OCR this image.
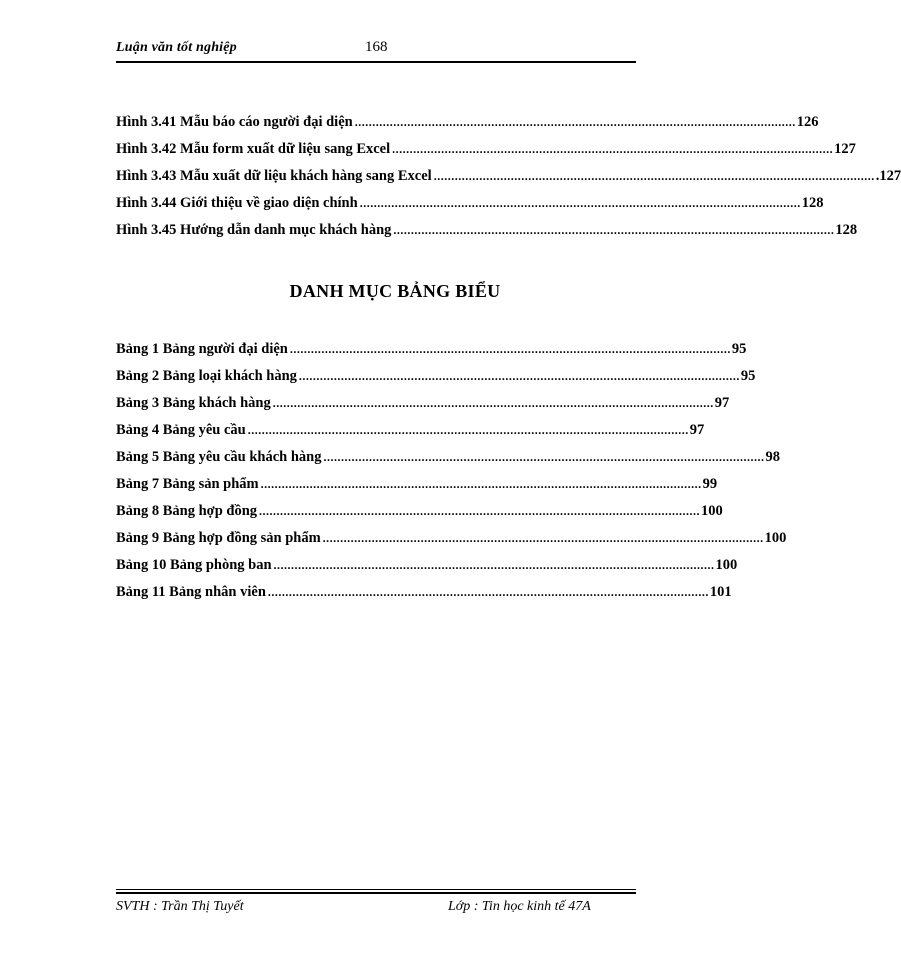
Luận văn tốt nghiệp	168
Hình 3.41 Mẫu báo cáo người đại diện .............................................................................................................................. 126
Hình 3.42 Mẫu form xuất dữ liệu sang Excel .............................................................................................................................. 127
Hình 3.43 Mẫu xuất dữ liệu khách hàng sang Excel .............................................................................................................................. .127
Hình 3.44 Giới thiệu về giao diện chính .............................................................................................................................. 128
Hình 3.45 Hướng dẫn danh mục khách hàng .............................................................................................................................. 128
DANH MỤC BẢNG BIỂU
Bảng 1 Bảng người đại diện .............................................................................................................................. 95
Bảng 2 Bảng loại khách hàng .............................................................................................................................. 95
Bảng 3 Bảng khách hàng .............................................................................................................................. 97
Bảng 4 Bảng yêu cầu .............................................................................................................................. 97
Bảng 5 Bảng yêu cầu khách hàng .............................................................................................................................. 98
Bảng 7 Bảng sản phẩm .............................................................................................................................. 99
Bảng 8 Bảng hợp đồng .............................................................................................................................. 100
Bảng 9 Bảng hợp đồng sản phẩm .............................................................................................................................. 100
Bảng 10 Bảng phòng ban .............................................................................................................................. 100
Bảng 11 Bảng nhân viên .............................................................................................................................. 101
SVTH : Trần Thị Tuyết	Lớp : Tin học kinh tế 47A
